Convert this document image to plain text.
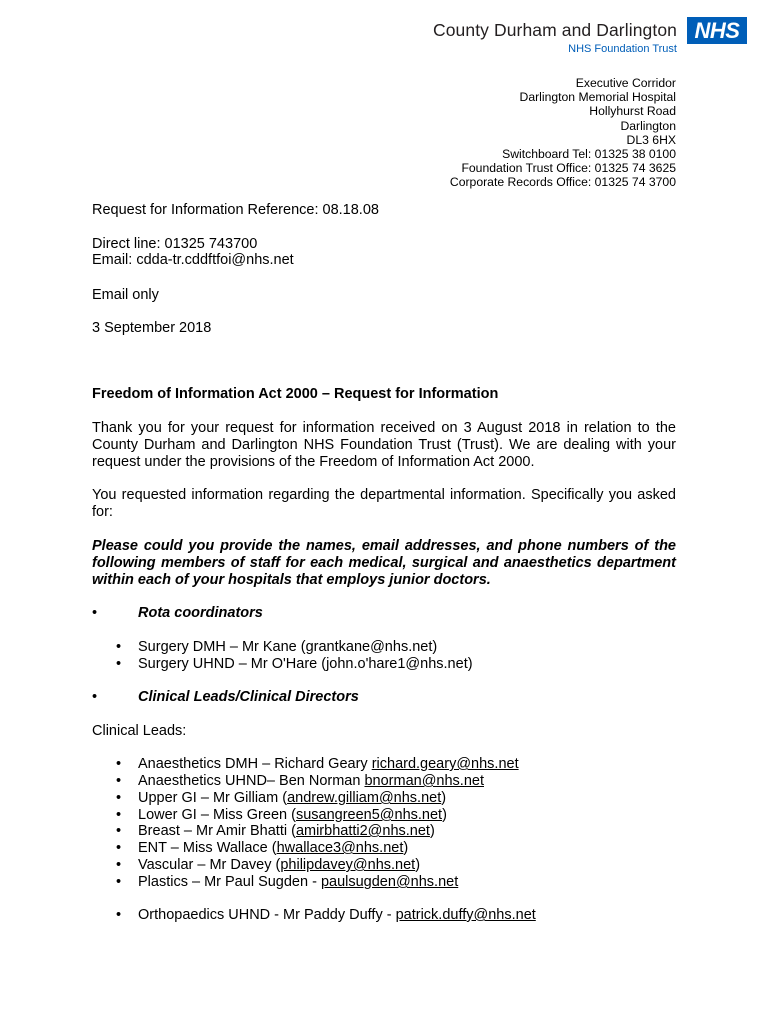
County Durham and Darlington
NHS Foundation Trust
NHS
Executive Corridor
Darlington Memorial Hospital
Hollyhurst Road
Darlington
DL3 6HX
Switchboard Tel: 01325 38 0100
Foundation Trust Office: 01325 74 3625
Corporate Records Office: 01325 74 3700
Request for Information Reference: 08.18.08
Direct line: 01325 743700
Email: cdda-tr.cddftfoi@nhs.net
Email only
3 September 2018
Freedom of Information Act 2000 – Request for Information
Thank you for your request for information received on 3 August 2018 in relation to the County Durham and Darlington NHS Foundation Trust (Trust). We are dealing with your request under the provisions of the Freedom of Information Act 2000.
You requested information regarding the departmental information. Specifically you asked for:
Please could you provide the names, email addresses, and phone numbers of the following members of staff for each medical, surgical and anaesthetics department within each of your hospitals that employs junior doctors.
•	Rota coordinators
• Surgery DMH – Mr Kane (grantkane@nhs.net)
• Surgery UHND – Mr O'Hare (john.o'hare1@nhs.net)
•	Clinical Leads/Clinical Directors
Clinical Leads:
• Anaesthetics DMH – Richard Geary richard.geary@nhs.net
• Anaesthetics UHND– Ben Norman bnorman@nhs.net
• Upper GI – Mr Gilliam (andrew.gilliam@nhs.net)
• Lower GI – Miss Green (susangreen5@nhs.net)
• Breast – Mr Amir Bhatti (amirbhatti2@nhs.net)
• ENT – Miss Wallace (hwallace3@nhs.net)
• Vascular – Mr Davey (philipdavey@nhs.net)
• Plastics – Mr Paul Sugden - paulsugden@nhs.net
• Orthopaedics UHND - Mr Paddy Duffy - patrick.duffy@nhs.net
